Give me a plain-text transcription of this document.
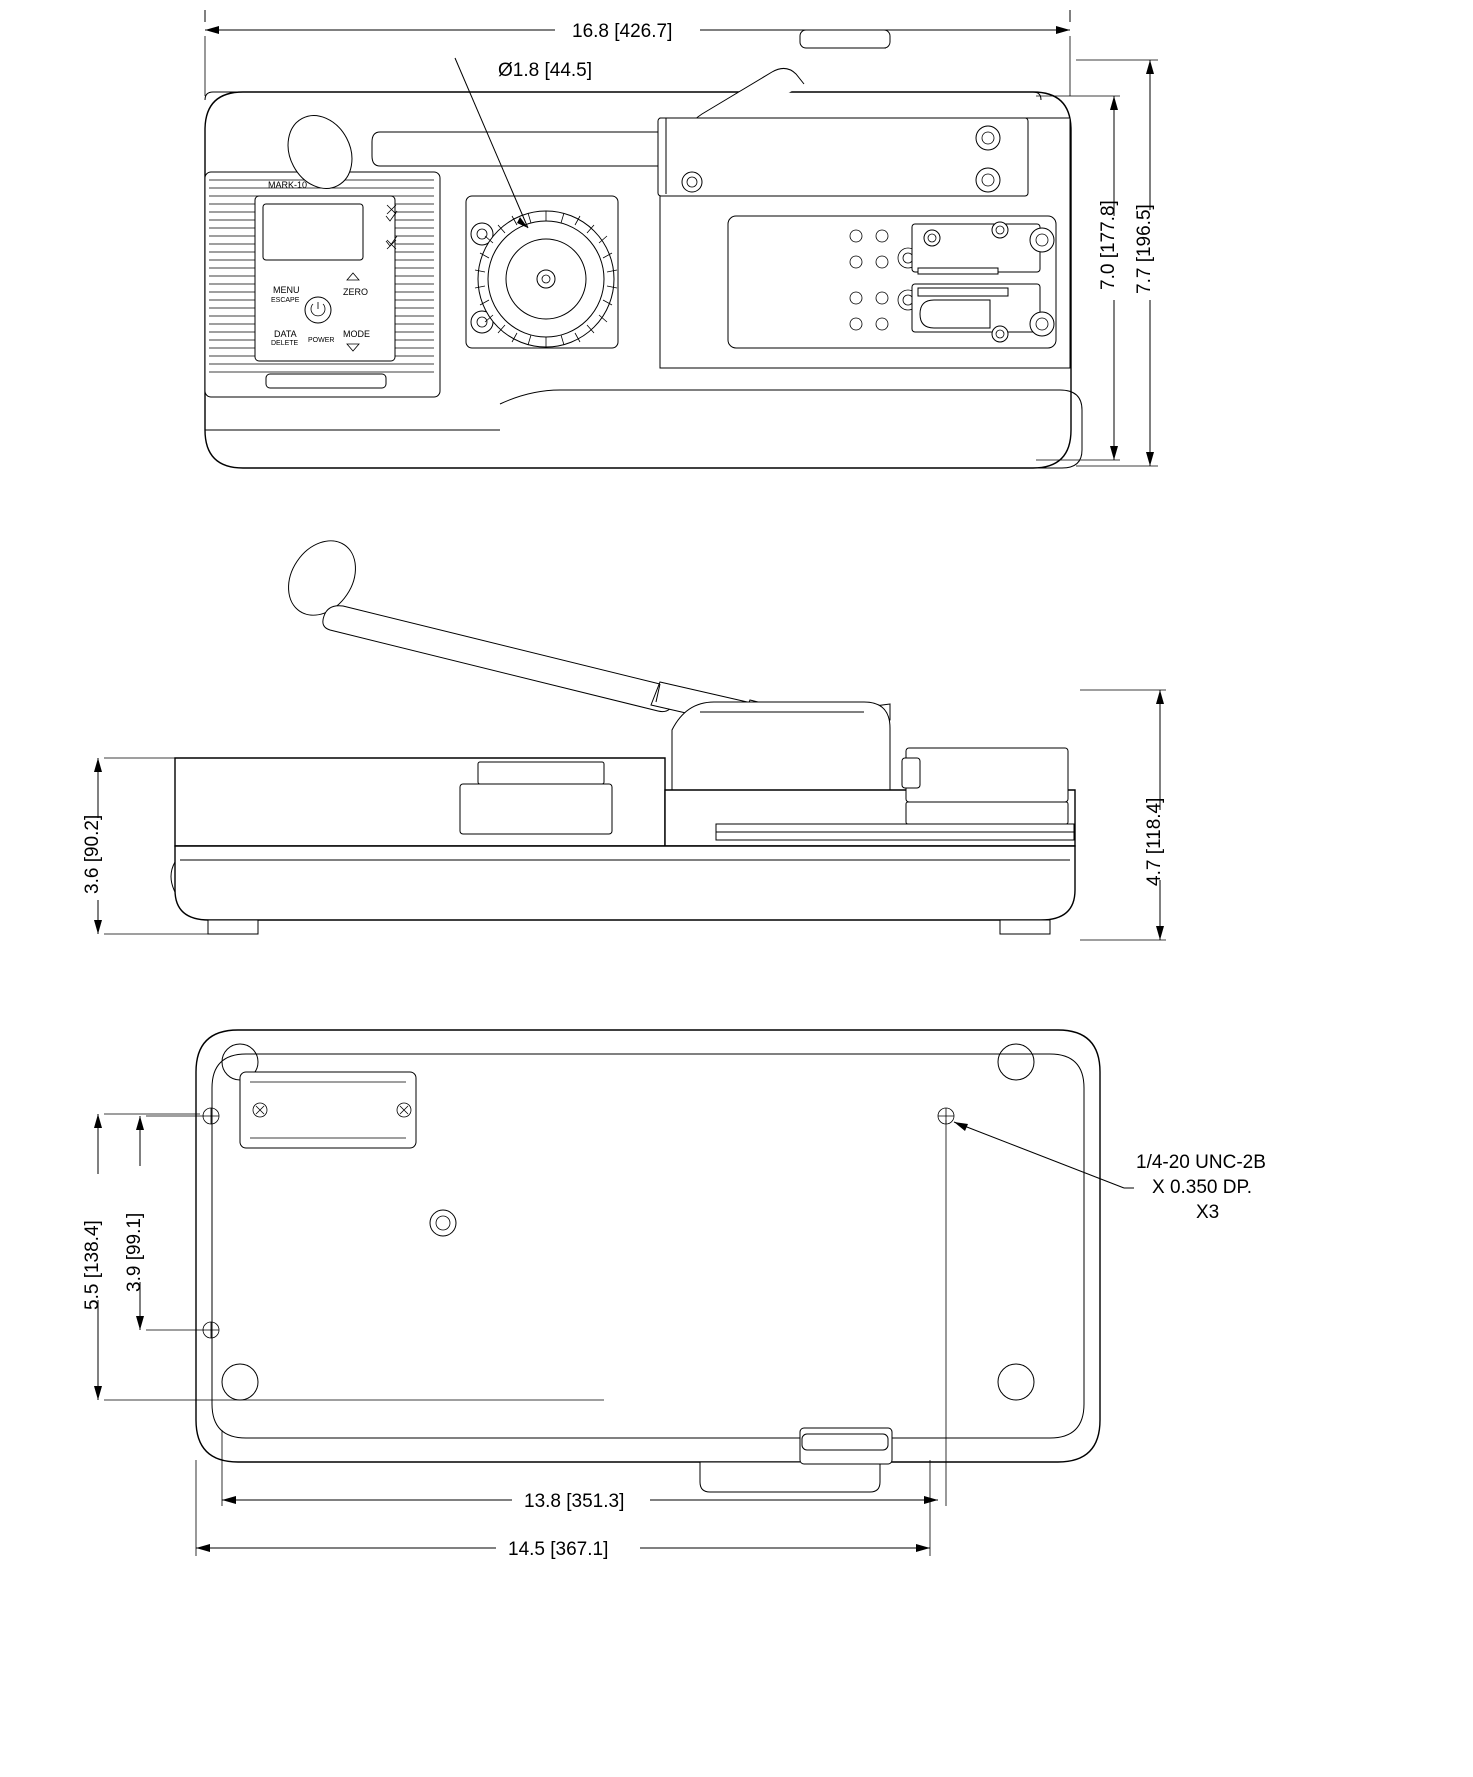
MARK-10
MENU
ESCAPE
ZERO
DATA
DELETE
MODE
POWER
16.8 [426.7]
Ø1.8 [44.5]
7.0 [177.8] 7.7 [196.5]
3.6 [90.2]	4.7 [118.4]
5.5 [138.4] 3.9 [99.1]
1/4-20 UNC-2B
X 0.350 DP.
X3
13.8 [351.3]
14.5 [367.1]
